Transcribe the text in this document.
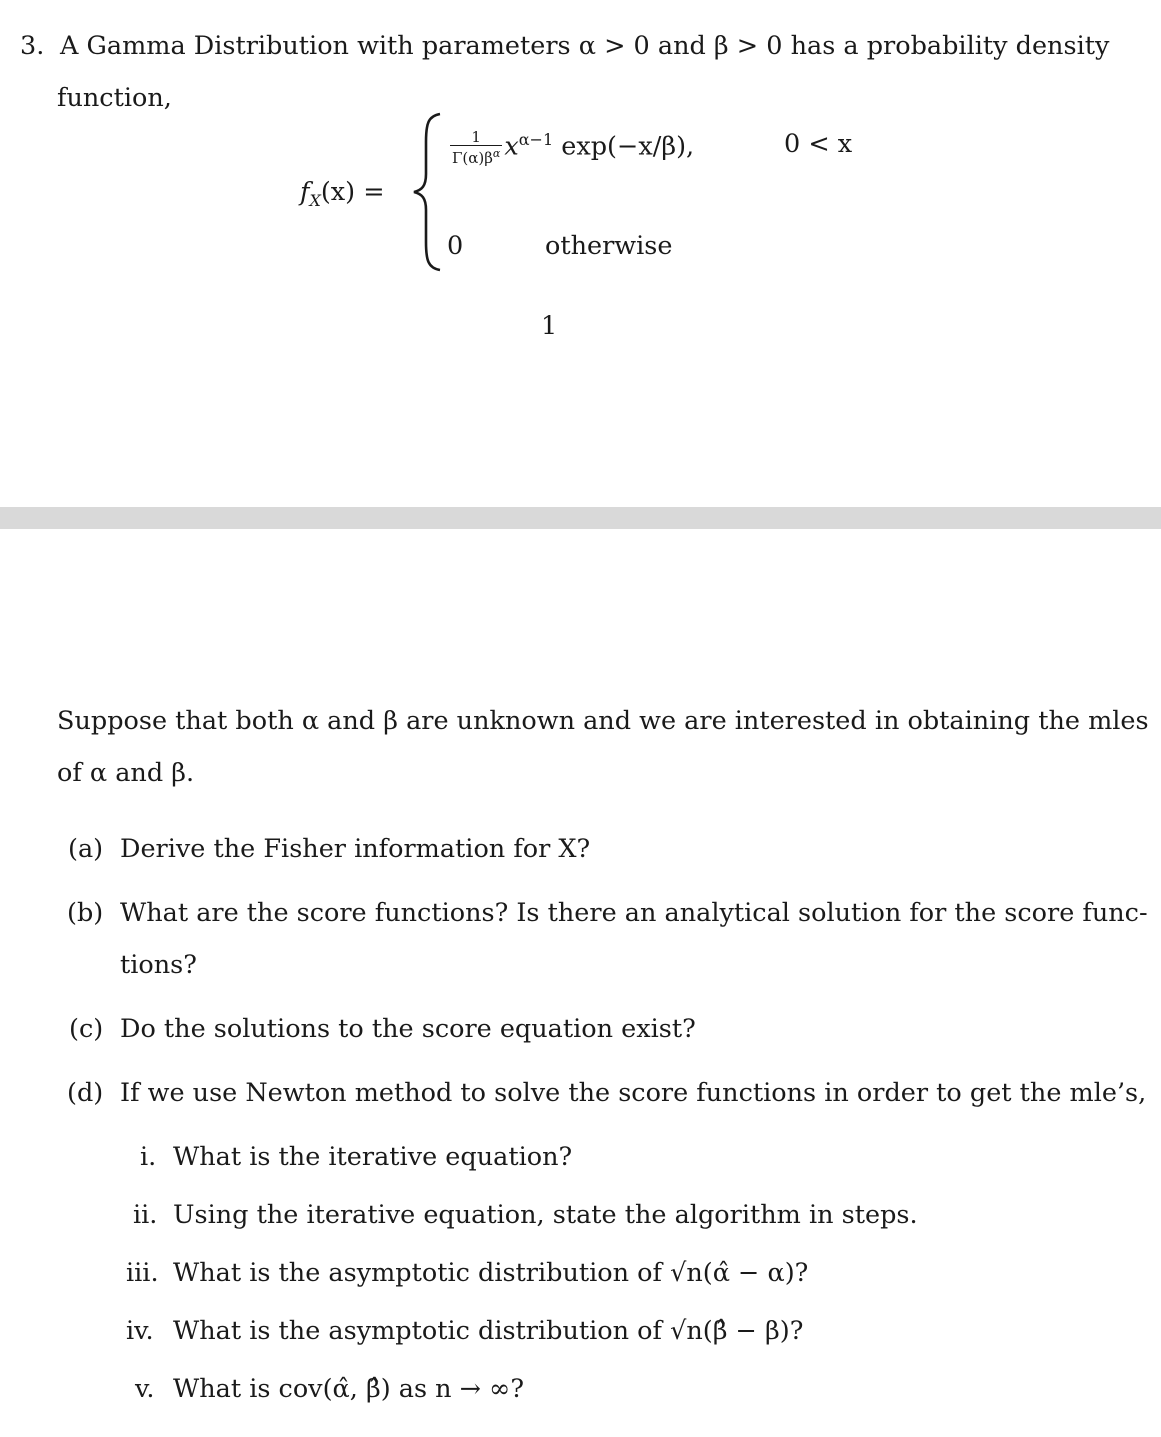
3. A Gamma Distribution with parameters α > 0 and β > 0 has a probability density
function,
$f_X(x)$ =
$\frac{1}{\Gamma(\alpha)\beta^\alpha} x^{\alpha-1}$ exp(−x/β),	0 < x
0	otherwise
1
Suppose that both α and β are unknown and we are interested in obtaining the mles
of α and β.
(a) Derive the Fisher information for X?
(b) What are the score functions? Is there an analytical solution for the score func-
tions?
(c) Do the solutions to the score equation exist?
(d) If we use Newton method to solve the score functions in order to get the mle’s,
i. What is the iterative equation?
ii. Using the iterative equation, state the algorithm in steps.
iii. What is the asymptotic distribution of √n(α̂ − α)?
iv. What is the asymptotic distribution of √n(β̂ − β)?
v. What is cov(α̂, β̂) as n → ∞?
